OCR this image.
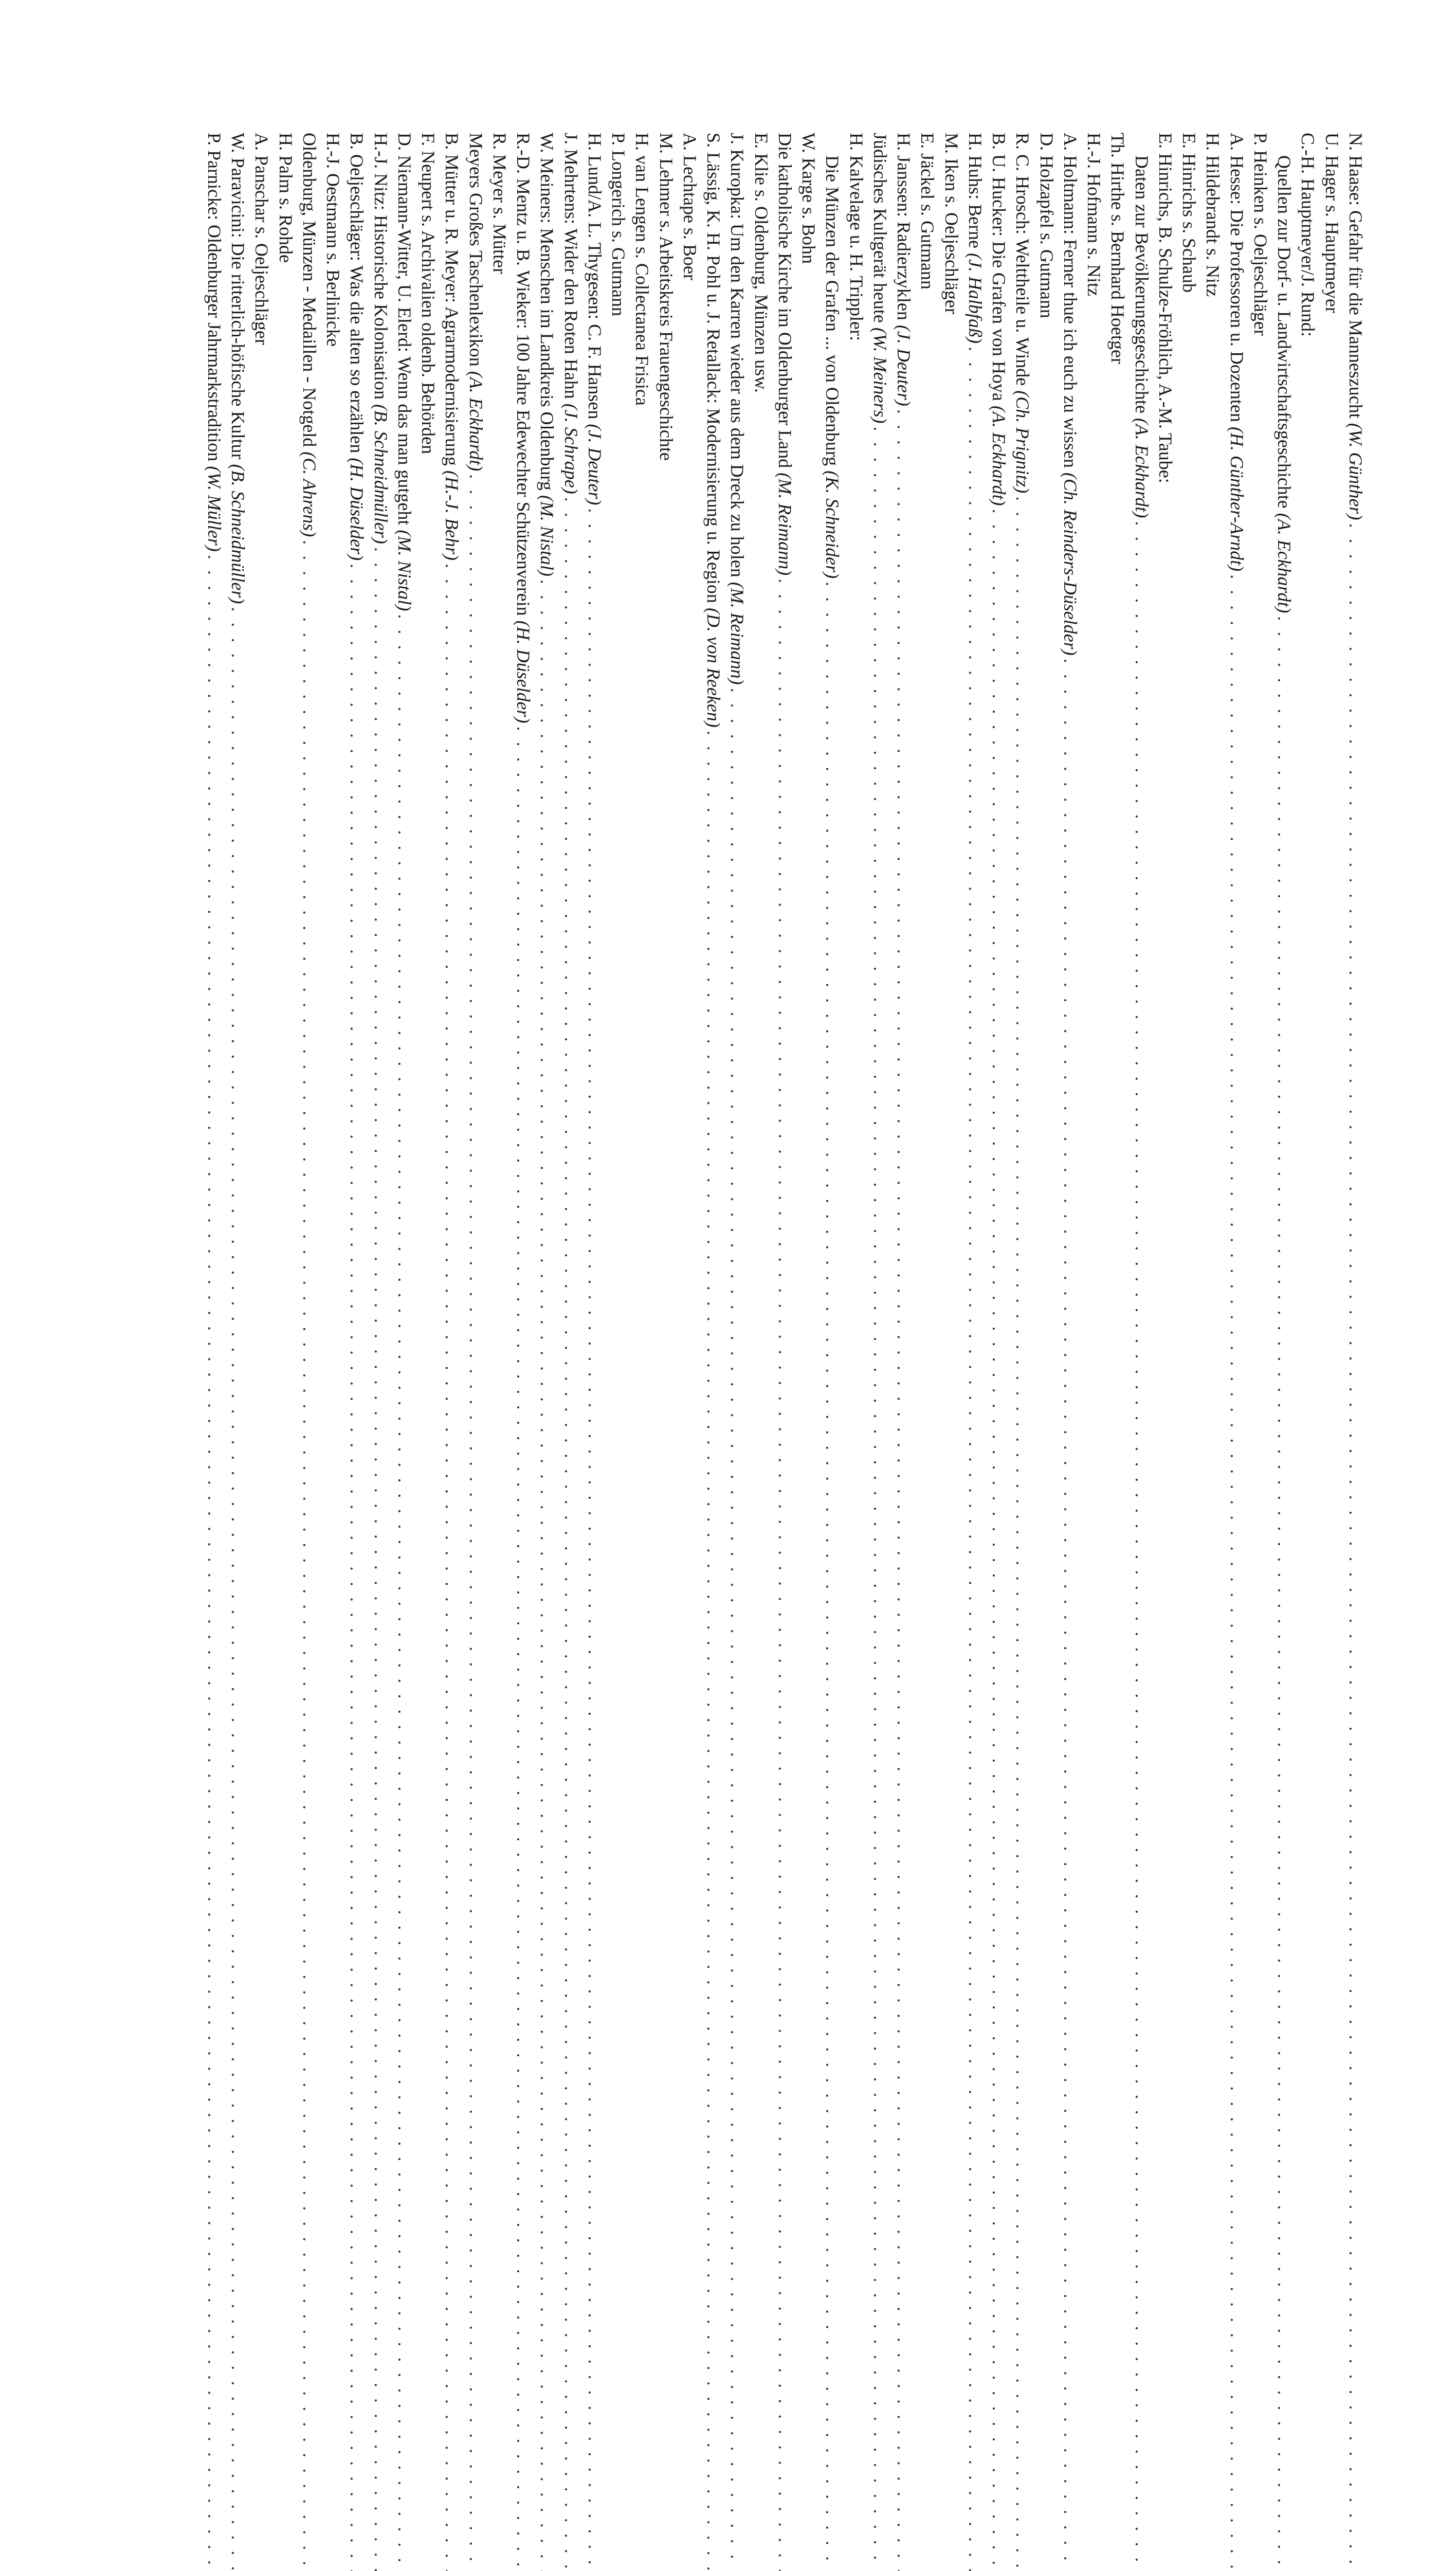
N. Haase: Gefahr für die Manneszucht (W. Günther)
. . .
U. Hager s. Hauptmeyer
C.-H. Hauptmeyer/J. Rund:
Quellen zur Dorf- u. Landwirtschaftsgeschichte (A. Eckhardt)
. . .
P. Heinken s. Oeljeschläger
A. Hesse: Die Professoren u. Dozenten (H. Günther-Arndt)
. . .
H. Hildebrandt s. Nitz
E. Hinrichs s. Schaub
E. Hinrichs, B. Schulze-Fröhlich, A.-M. Taube:
Daten zur Bevölkerungsgeschichte (A. Eckhardt)
. . .
Th. Hirthe s. Bernhard Hoetger
H.-J. Hofmann s. Nitz
A. Holtmann: Ferner thue ich euch zu wissen (Ch. Reinders-Düselder)
. . .
D. Holzapfel s. Gutmann
R. C. Hrosch: Welttheile u. Winde (Ch. Prignitz)
. . .
B. U. Hucker: Die Grafen von Hoya (A. Eckhardt)
. . .
H. Huhs: Berne (J. Halbfaß)
. . .
M. Iken s. Oeljeschläger
E. Jäckel s. Gutmann
H. Janssen: Radierzyklen (J. Deuter)
. . .
Jüdisches Kultgerät heute (W. Meiners)
. . .
H. Kalvelage u. H. Trippler:
Die Münzen der Grafen ... von Oldenburg (K. Schneider)
. . .
W. Karge s. Bohn
Die katholische Kirche im Oldenburger Land (M. Reimann)
. . .
E. Klie s. Oldenburg, Münzen usw.
J. Kuropka: Um den Karren wieder aus dem Dreck zu holen (M. Reimann)
. . .
S. Lässig, K. H. Pohl u. J. Retallack: Modernisierung u. Region (D. von Reeken)
. . .
A. Lechtape s. Boer
M. Lehmer s. Arbeitskreis Frauengeschichte
H. van Lengen s. Collectanea Frisica
P. Longerich s. Gutmann
H. Lund/A. L. Thygesen: C. F. Hansen (J. Deuter)
. . .
J. Mehrtens: Wider den Roten Hahn (J. Schrape)
. . .
W. Meiners: Menschen im Landkreis Oldenburg (M. Nistal)
. . .
R.-D. Mentz u. B. Wieker: 100 Jahre Edewechter Schützenverein (H. Düselder)
. . .
R. Meyer s. Mütter
Meyers Großes Taschenlexikon (A. Eckhardt)
. . .
B. Mütter u. R. Meyer: Agrarmodernisierung (H.-J. Behr)
. . .
F. Neupert s. Archivalien oldenb. Behörden
D. Niemann-Witter, U. Elerd: Wenn das man gutgeht (M. Nistal)
. . .
H.-J. Nitz: Historische Kolonisation (B. Schneidmüller)
. . .
B. Oeljeschläger: Was die alten so erzählen (H. Düselder)
. . .
H.-J. Oestmann s. Berlinicke
Oldenburg, Münzen - Medaillen - Notgeld (C. Ahrens)
. . .
H. Palm s. Rohde
A. Panschar s. Oeljeschläger
W. Paravicini: Die ritterlich-höfische Kultur (B. Schneidmüller)
. . .
P. Parnicke: Oldenburger Jahrmarkstradition (W. Müller)
. . .
